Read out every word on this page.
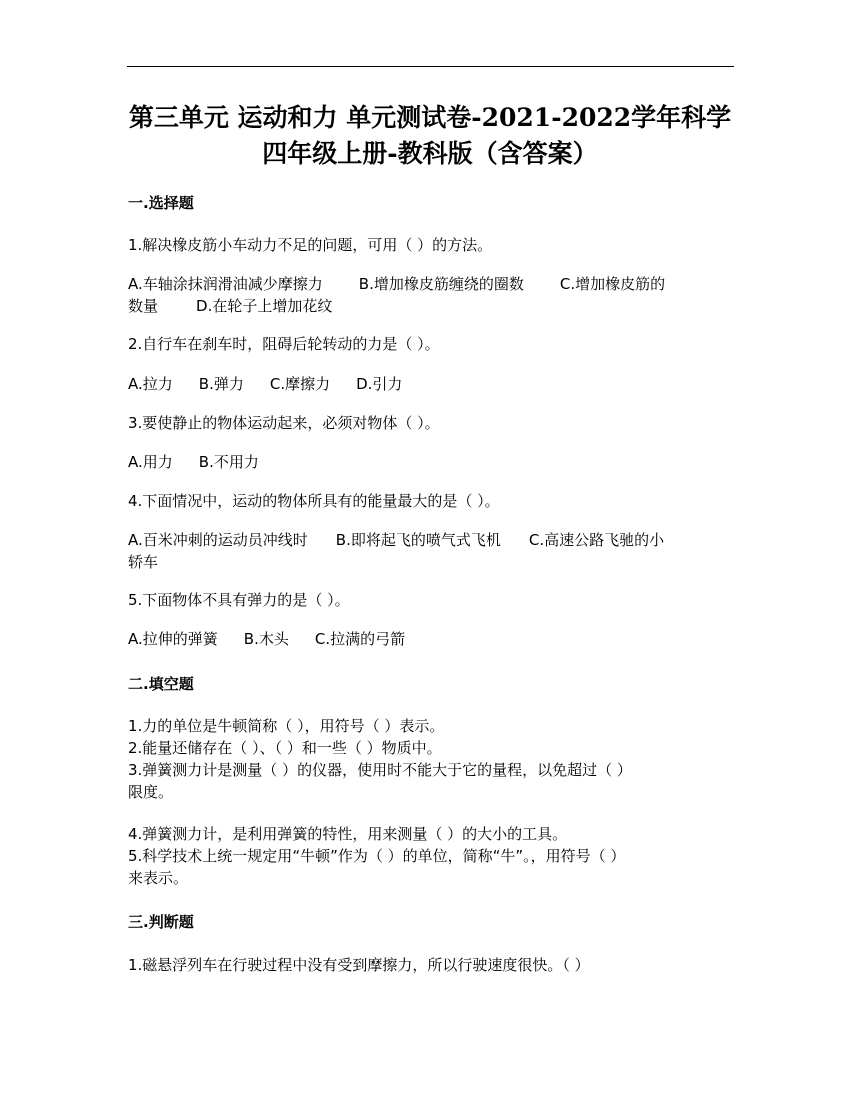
第三单元 运动和力 单元测试卷-2021-2022学年科学四年级上册-教科版（含答案）
一.选择题
1.解决橡皮筋小车动力不足的问题，可用（ ）的方法。
A.车轴涂抹润滑油减少摩擦力 B.增加橡皮筋缠绕的圈数 C.增加橡皮筋的
数量	D.在轮子上增加花纹
2.自行车在刹车时，阻碍后轮转动的力是（ ）。
A.拉力 B.弹力 C.摩擦力 D.引力
3.要使静止的物体运动起来，必须对物体（ ）。
A.用力 B.不用力
4.下面情况中，运动的物体所具有的能量最大的是（ ）。
A.百米冲刺的运动员冲线时 B.即将起飞的喷气式飞机 C.高速公路飞驰的小
轿车
5.下面物体不具有弹力的是（ ）。
A.拉伸的弹簧 B.木头 C.拉满的弓箭
二.填空题
1.力的单位是牛顿简称（ ），用符号（ ）表示。
2.能量还储存在（ ）、（ ）和一些（ ）物质中。
3.弹簧测力计是测量（ ）的仪器，使用时不能大于它的量程，以免超过（ ）
限度。
4.弹簧测力计，是利用弹簧的特性，用来测量（ ）的大小的工具。
5.科学技术上统一规定用“牛顿”作为（ ）的单位，简称“牛”。，用符号（ ）
来表示。
三.判断题
1.磁悬浮列车在行驶过程中没有受到摩擦力，所以行驶速度很快。（ ）
